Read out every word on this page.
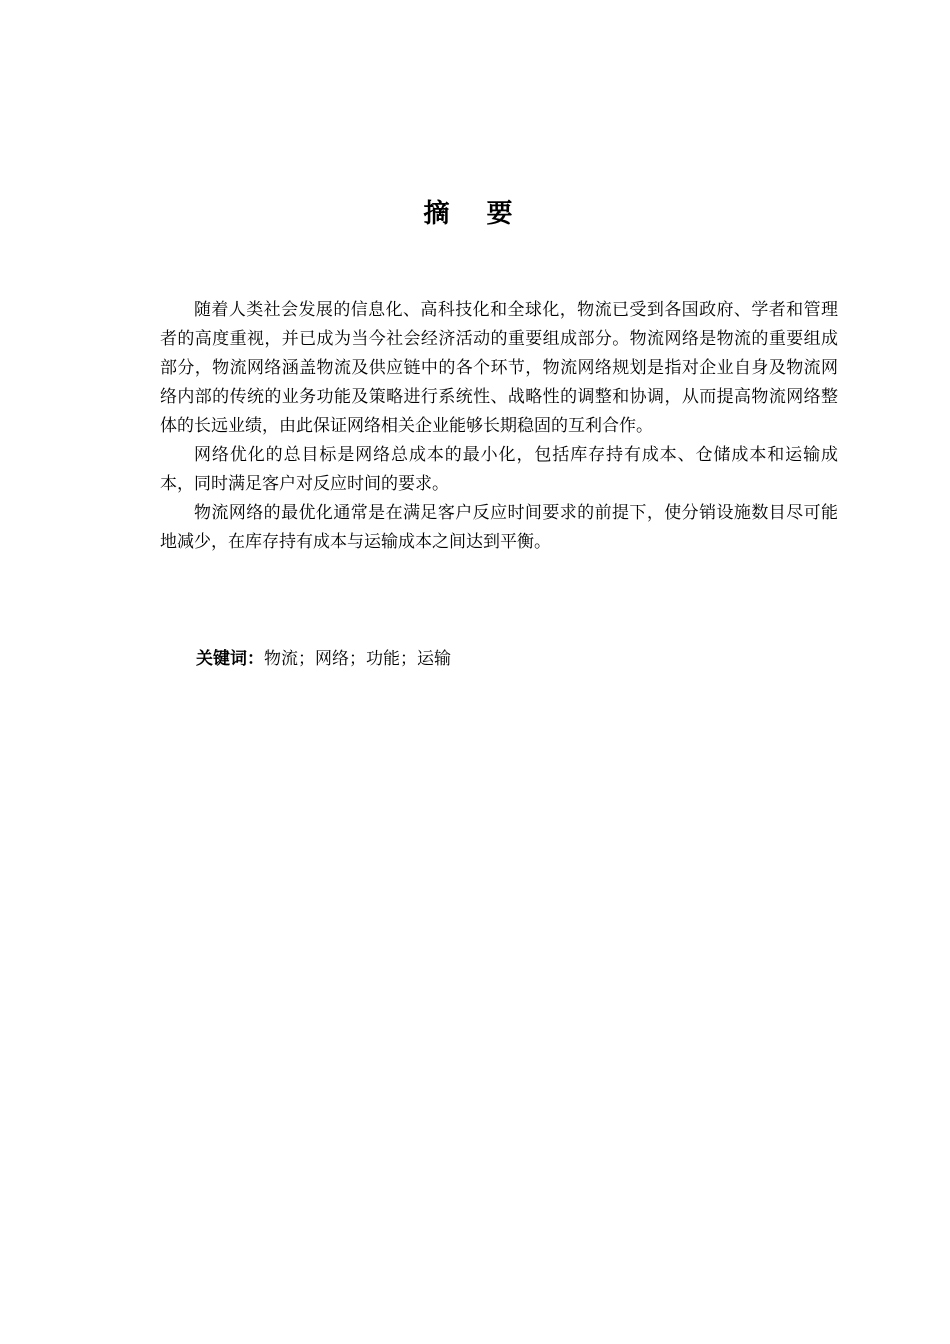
摘 要

随着人类社会发展的信息化、高科技化和全球化，物流已受到各国政府、学者和管理者的高度重视，并已成为当今社会经济活动的重要组成部分。物流网络是物流的重要组成部分，物流网络涵盖物流及供应链中的各个环节，物流网络规划是指对企业自身及物流网络内部的传统的业务功能及策略进行系统性、战略性的调整和协调，从而提高物流网络整体的长远业绩，由此保证网络相关企业能够长期稳固的互利合作。

网络优化的总目标是网络总成本的最小化，包括库存持有成本、仓储成本和运输成本，同时满足客户对反应时间的要求。

物流网络的最优化通常是在满足客户反应时间要求的前提下，使分销设施数目尽可能地减少，在库存持有成本与运输成本之间达到平衡。

关键词：物流；网络；功能；运输
